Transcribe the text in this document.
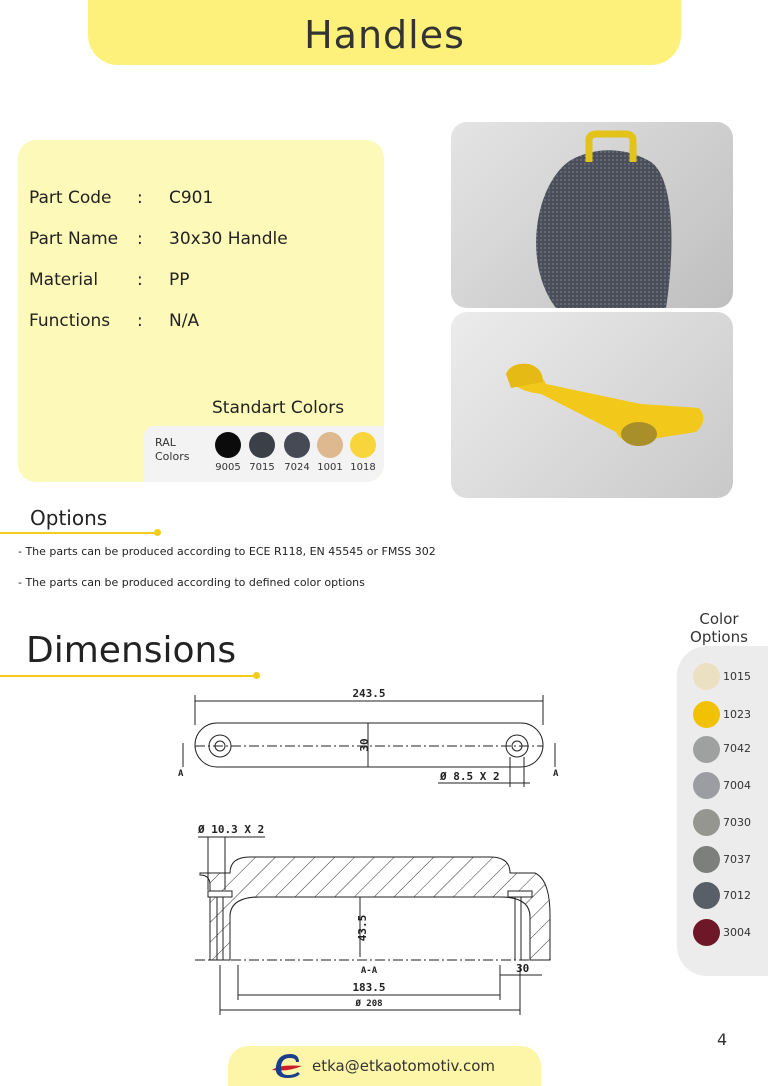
Handles
Part Code	: C901
Part Name	: 30x30 Handle
Material	: PP
Functions	: N/A
Standart Colors
RAL
Colors
9005 7015 7024 1001 1018
Options
- The parts can be produced according to ECE R118, EN 45545 or FMSS 302
- The parts can be produced according to defined color options
Dimensions
243.5
30
Ø 8.5 X 2
A	A
Ø 10.3 X 2
43.5
A-A	30
183.5
Ø 208
Color
Options
1015
1023
7042
7004
7030
7037
7012
3004
4
etka@etkaotomotiv.com
